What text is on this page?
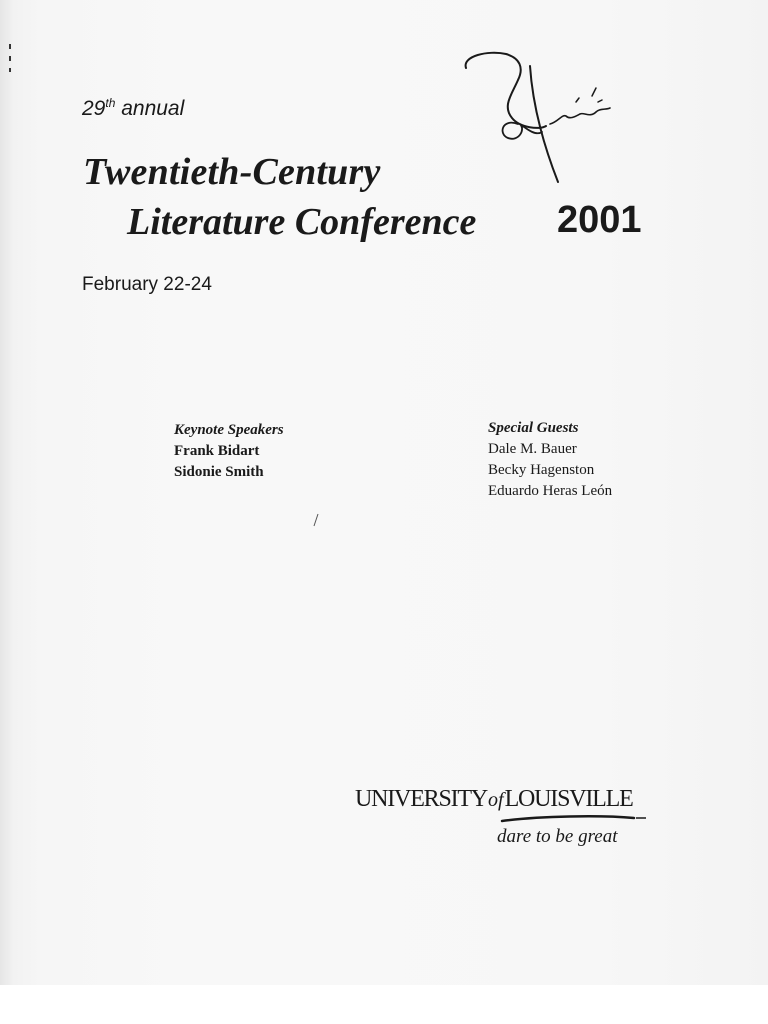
29th annual
Twentieth-Century
Literature Conference 2001
February 22-24
Keynote Speakers
Frank Bidart
Sidonie Smith
Special Guests
Dale M. Bauer
Becky Hagenston
Eduardo Heras León
UNIVERSITYofLOUISVILLE
dare to be great
